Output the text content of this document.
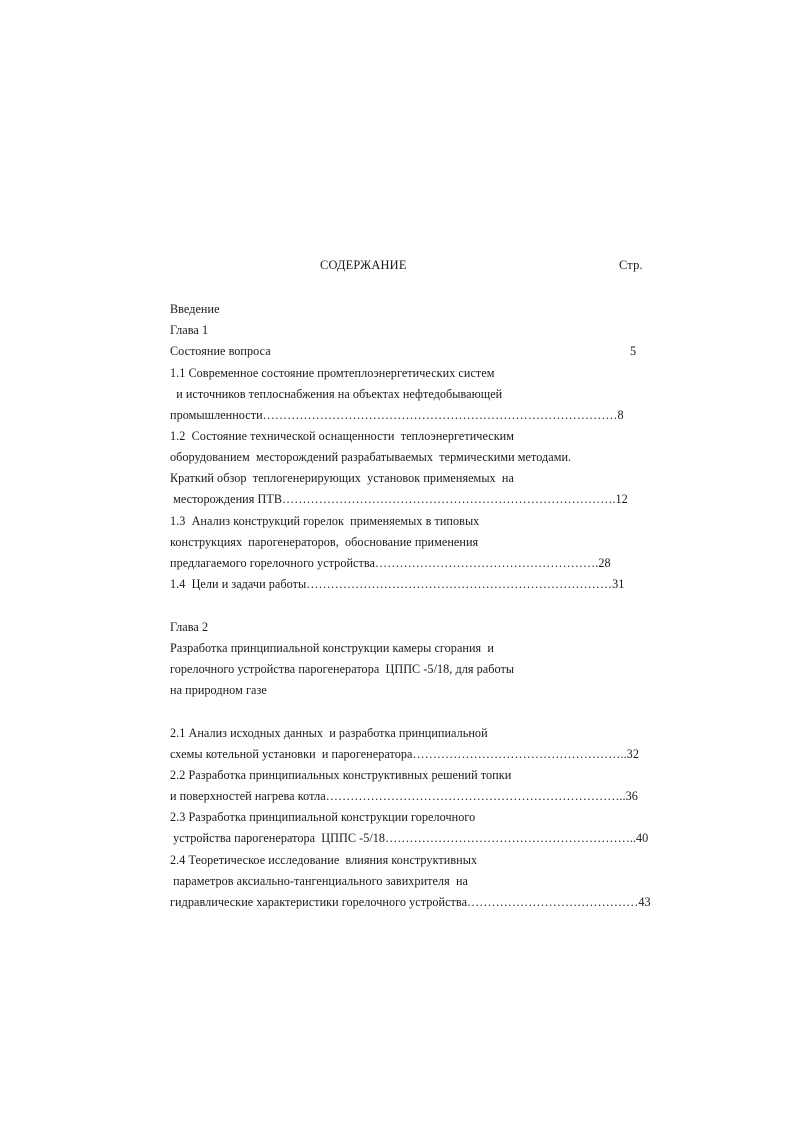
СОДЕРЖАНИЕ	Стр.
Введение
Глава 1
Состояние вопроса	5
1.1 Современное состояние промтеплоэнергетических систем
и источников теплоснабжения на объектах нефтедобывающей
промышленности……………………………………………………………………………8
1.2  Состояние технической оснащенности  теплоэнергетическим
оборудованием  месторождений разрабатываемых  термическими методами.
Краткий обзор  теплогенерирующих  установок применяемых  на
месторождения ПТВ……………………………………………………………………….12
1.3  Анализ конструкций горелок  применяемых в типовых
конструкциях  парогенераторов,  обоснование применения
предлагаемого горелочного устройства……………………………………………….28
1.4  Цели и задачи работы…………………………………………………………………31
Глава 2
Разработка принципиальной конструкции камеры сгорания  и
горелочного устройства парогенератора  ЦППС -5/18, для работы
на природном газе
2.1 Анализ исходных данных  и разработка принципиальной
схемы котельной установки  и парогенератора……………………………………………..32
2.2 Разработка принципиальных конструктивных решений топки
и поверхностей нагрева котла………………………………………………………………..36
2.3 Разработка принципиальной конструкции горелочного
устройства парогенератора  ЦППС -5/18……………………………………………………..40
2.4 Теоретическое исследование  влияния конструктивных
параметров аксиально-тангенциального завихрителя  на
гидравлические характеристики горелочного устройства……………………………………43
